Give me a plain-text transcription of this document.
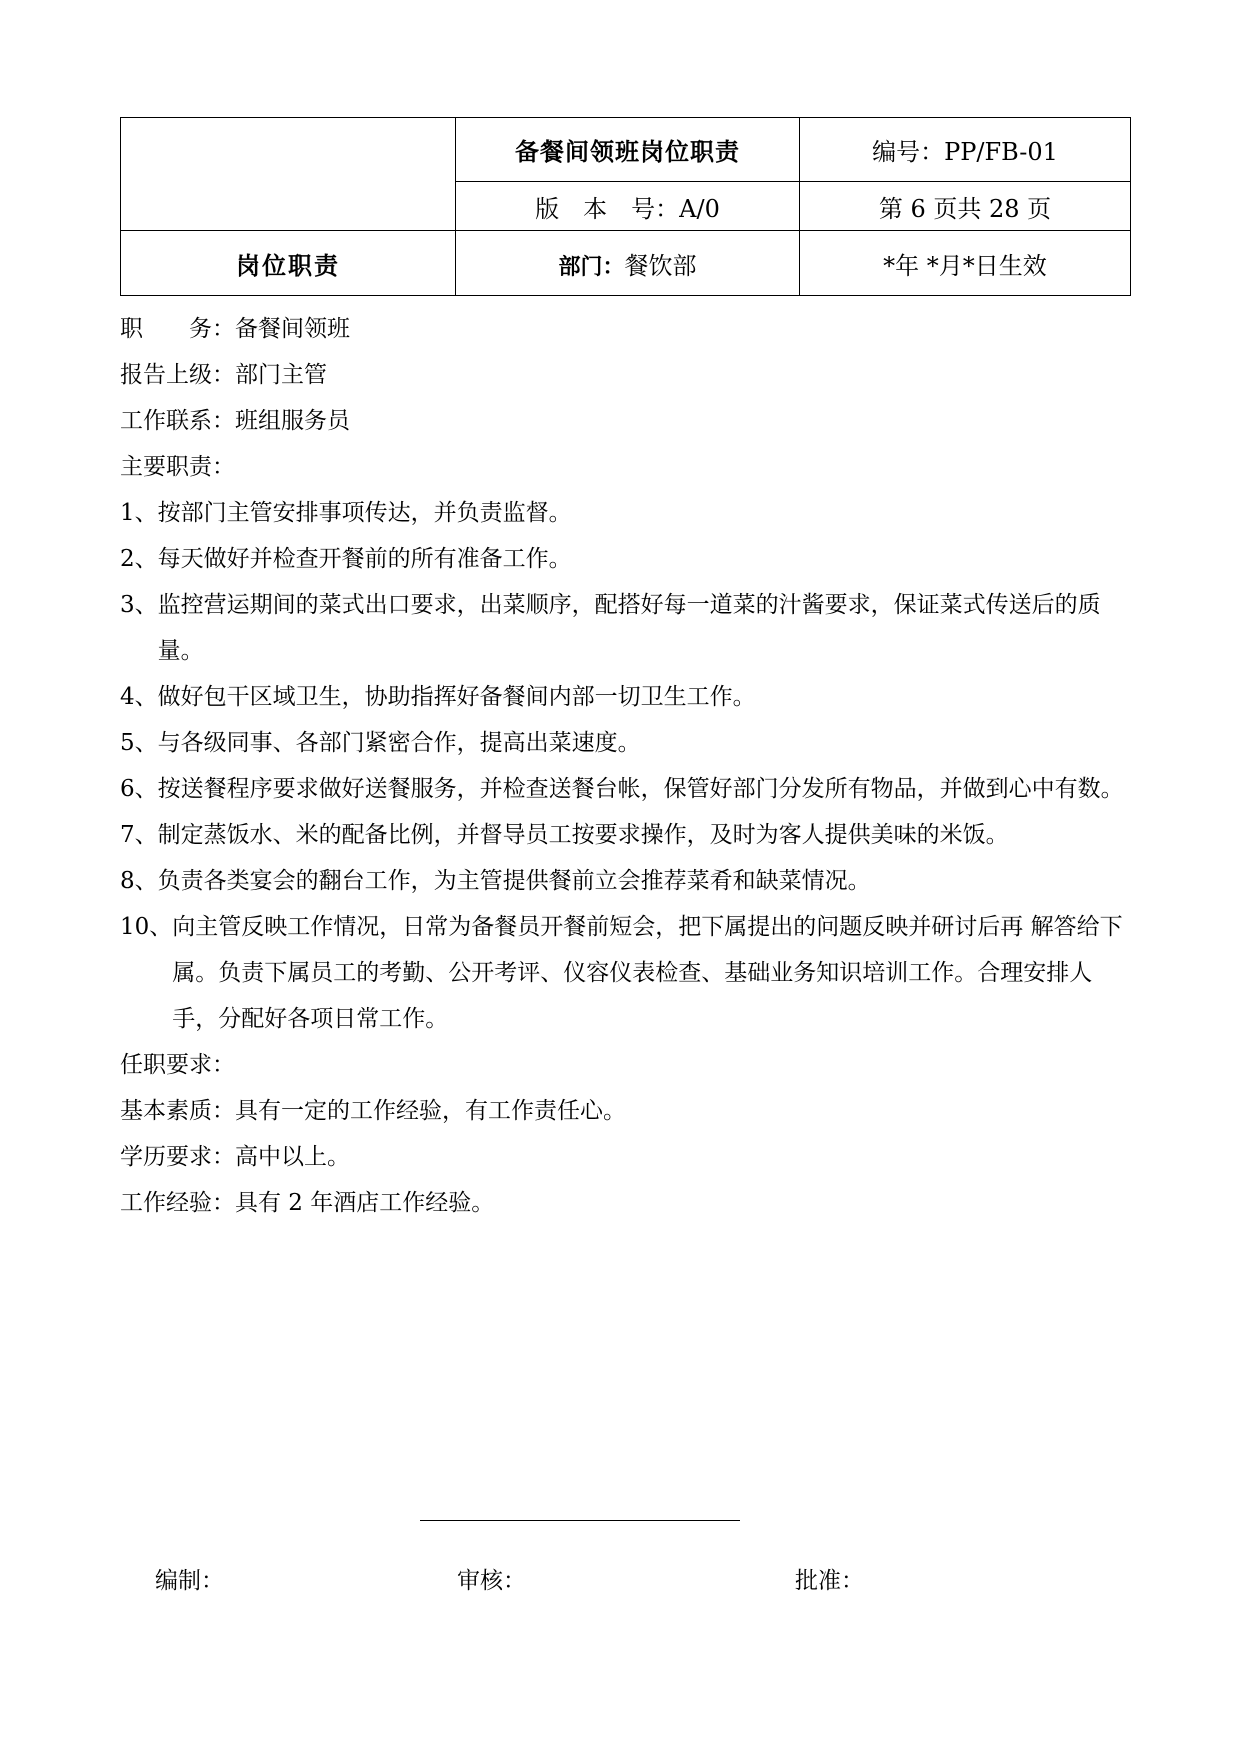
	备餐间领班岗位职责	编号：PP/FB-01
	版　本　号：A/0	第 6 页共 28 页
岗位职责	部门：餐饮部	*年 *月*日生效
职　　务：备餐间领班
报告上级：部门主管
工作联系：班组服务员
主要职责：
1、 按部门主管安排事项传达，并负责监督。
2、 每天做好并检查开餐前的所有准备工作。
3、 监控营运期间的菜式出口要求，出菜顺序，配搭好每一道菜的汁酱要求，保证菜式传送后的质量。
4、 做好包干区域卫生，协助指挥好备餐间内部一切卫生工作。
5、 与各级同事、各部门紧密合作，提高出菜速度。
6、 按送餐程序要求做好送餐服务，并检查送餐台帐，保管好部门分发所有物品，并做到心中有数。
7、 制定蒸饭水、米的配备比例，并督导员工按要求操作，及时为客人提供美味的米饭。
8、 负责各类宴会的翻台工作，为主管提供餐前立会推荐菜肴和缺菜情况。
10、 向主管反映工作情况，日常为备餐员开餐前短会，把下属提出的问题反映并研讨后再 解答给下属。负责下属员工的考勤、公开考评、仪容仪表检查、基础业务知识培训工作。合理安排人手，分配好各项日常工作。
任职要求：
基本素质：具有一定的工作经验，有工作责任心。
学历要求：高中以上。
工作经验：具有 2 年酒店工作经验。
编制：	审核：	批准：
